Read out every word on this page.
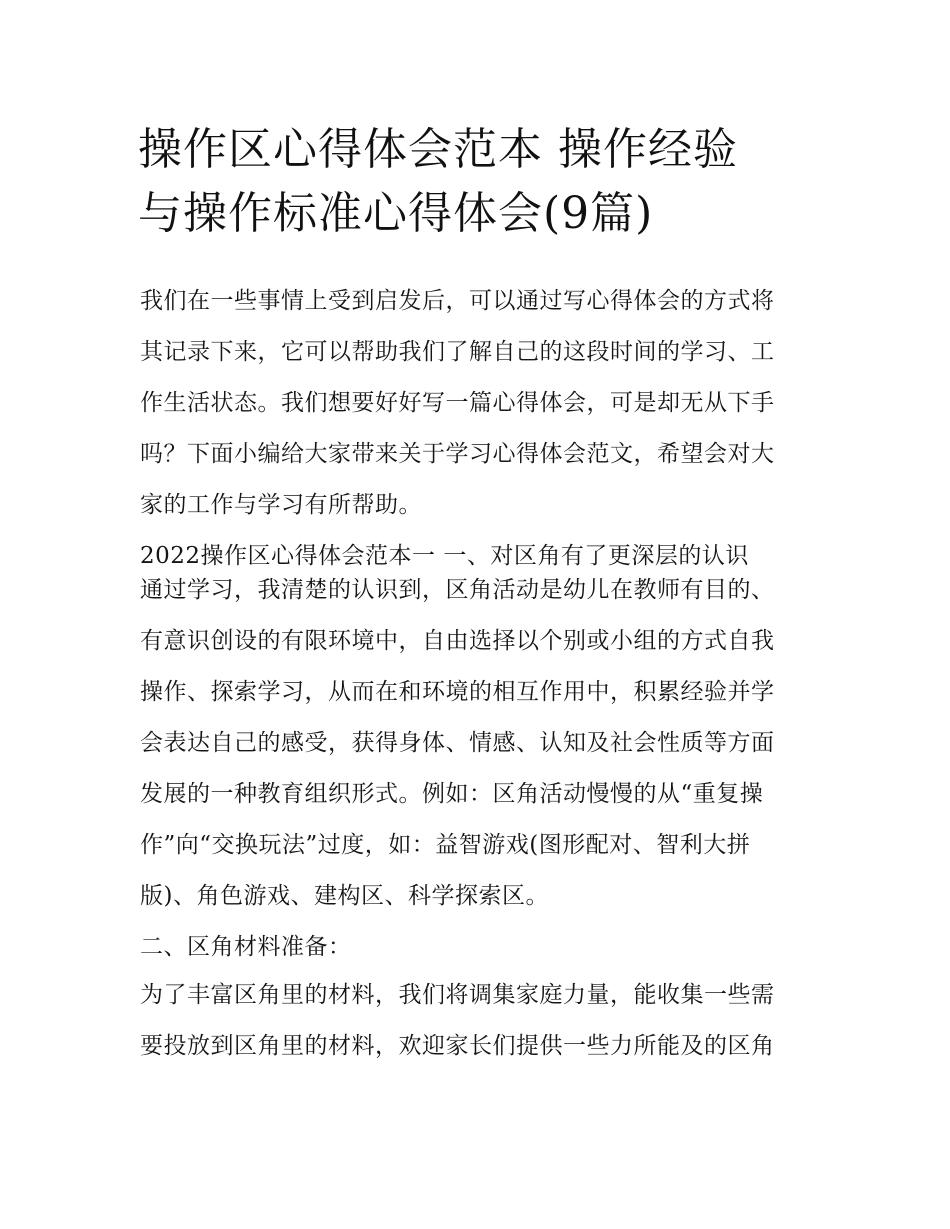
操作区心得体会范本 操作经验
与操作标准心得体会(9篇)
我们在一些事情上受到启发后，可以通过写心得体会的方式将
其记录下来，它可以帮助我们了解自己的这段时间的学习、工
作生活状态。我们想要好好写一篇心得体会，可是却无从下手
吗？下面小编给大家带来关于学习心得体会范文，希望会对大
家的工作与学习有所帮助。
2022操作区心得体会范本一 一、对区角有了更深层的认识
通过学习，我清楚的认识到，区角活动是幼儿在教师有目的、
有意识创设的有限环境中，自由选择以个别或小组的方式自我
操作、探索学习，从而在和环境的相互作用中，积累经验并学
会表达自己的感受，获得身体、情感、认知及社会性质等方面
发展的一种教育组织形式。例如：区角活动慢慢的从“重复操
作”向“交换玩法”过度，如：益智游戏(图形配对、智利大拼
版)、角色游戏、建构区、科学探索区。
二、区角材料准备：
为了丰富区角里的材料，我们将调集家庭力量，能收集一些需
要投放到区角里的材料，欢迎家长们提供一些力所能及的区角
